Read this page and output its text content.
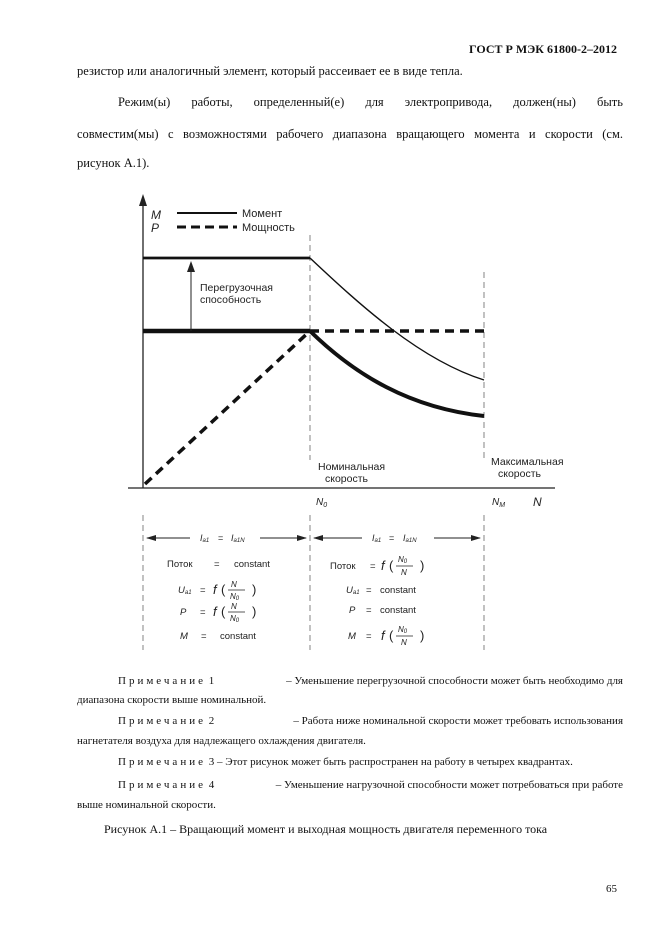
ГОСТ Р МЭК 61800-2–2012
резистор или аналогичный элемент, который рассеивает ее в виде тепла.
Режим(ы) работы, определенный(е) для электропривода, должен(ны) быть
совместим(мы) с возможностями рабочего диапазона вращающего момента и скорости (см.
рисунок А.1).
M
P
N
Момент
Мощность
Перегрузочная
способность
Номинальная
скорость
Максимальная
скорость
$N_0$	$N_M$
Ia1 = Ia1N	Ia1 = Ia1N
Поток = constant
Ua1 = f ( N
N0
)
P = f ( N
N0
)
M = constant
Поток = f ( N0
N )
Ua1 = constant
P = constant
M = f ( N0
N )
Примечание 1	– Уменьшение перегрузочной способности может быть необходимо для
диапазона скорости выше номинальной.
Примечание 2	– Работа ниже номинальной скорости может требовать использования
нагнетателя воздуха для надлежащего охлаждения двигателя.
Примечание 3 – Этот рисунок может быть распространен на работу в четырех квадрантах.
Примечание 4	– Уменьшение нагрузочной способности может потребоваться при работе
выше номинальной скорости.
Рисунок А.1 – Вращающий момент и выходная мощность двигателя переменного тока
65
